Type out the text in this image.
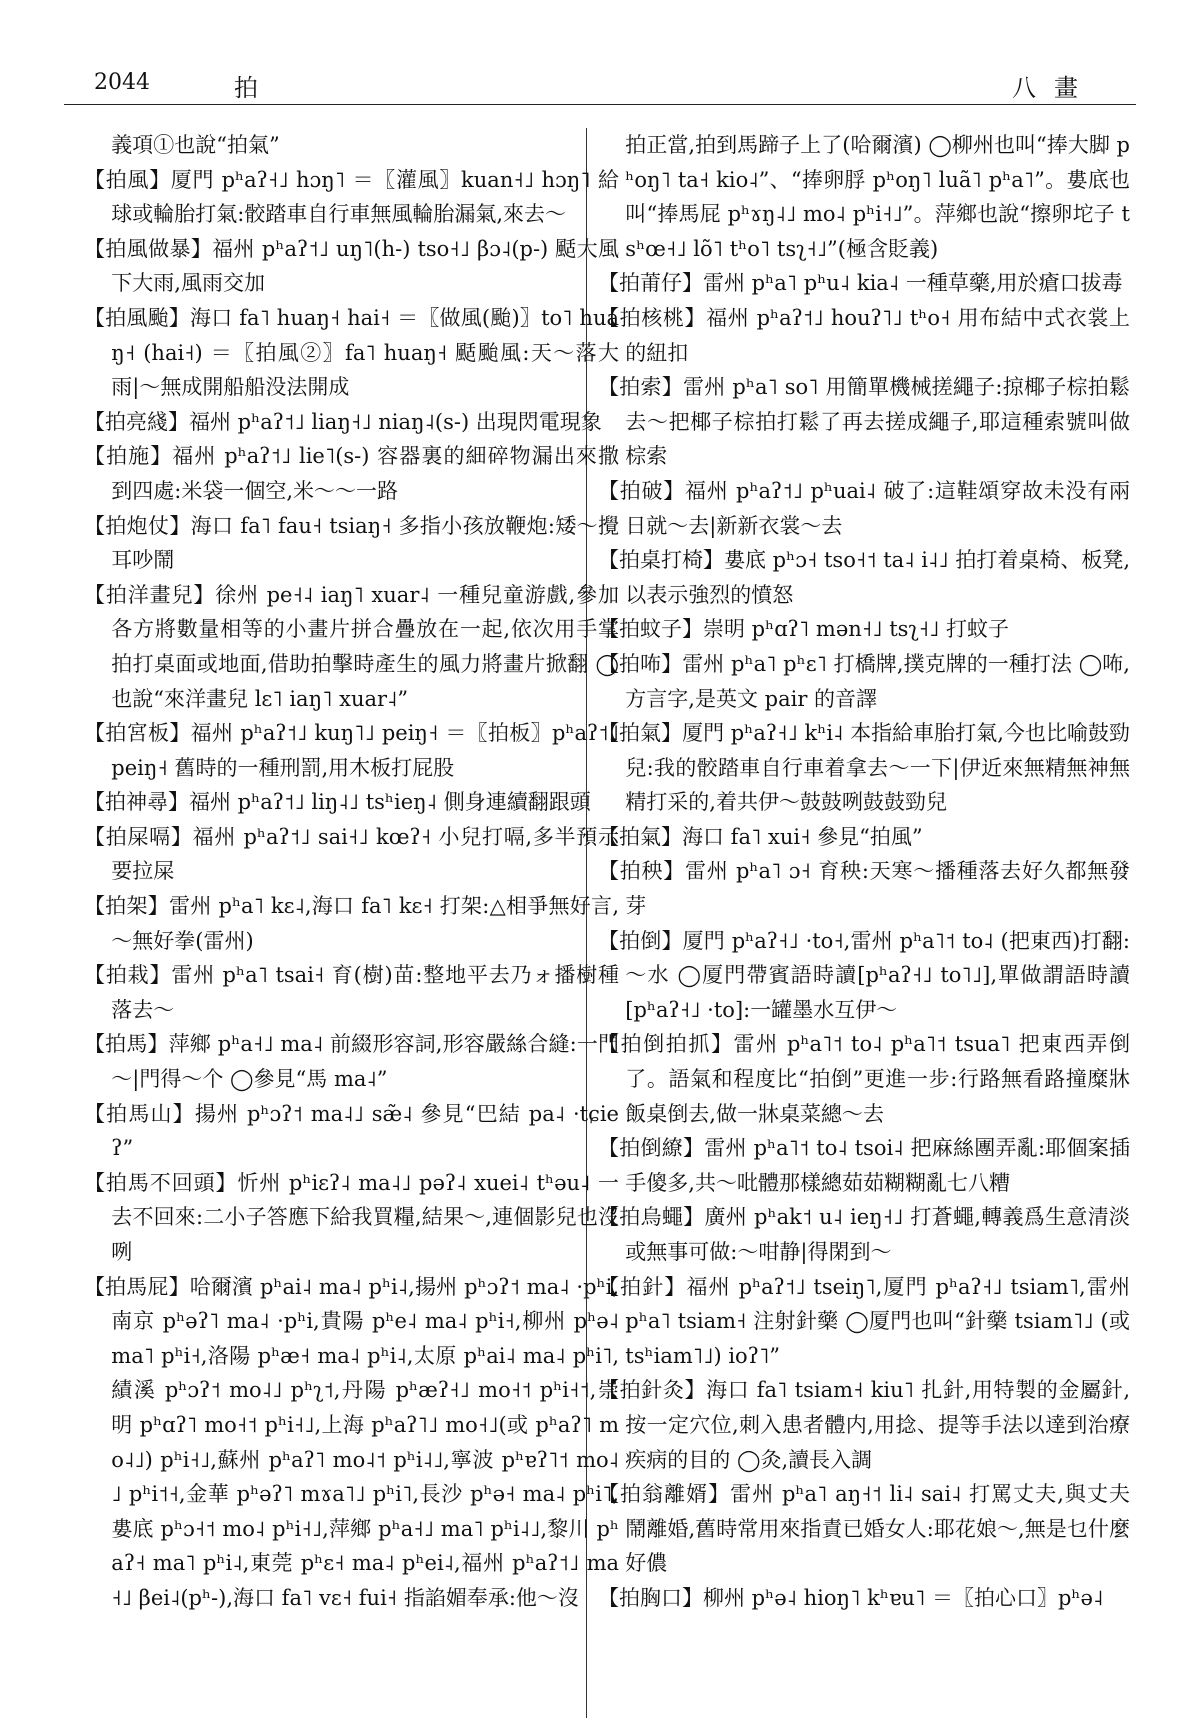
2044	拍	八畫

義項①也說“拍氣”

【拍風】厦門 pʰaʔ˧˩ hɔŋ˥ ＝〖灌風〗kuan˧˩ hɔŋ˥ 給球或輪胎打氣:骹踏車自行車無風輪胎漏氣,來去～

【拍風做暴】福州 pʰaʔ˦˩ uŋ˥(h-) tso˧˩ βɔ˨(p-) 颳大風下大雨,風雨交加

【拍風颱】海口 fa˥ huaŋ˧ hai˧ ＝〖做風(颱)〗to˥ huaŋ˧ (hai˧) ＝〖拍風②〗fa˥ huaŋ˧ 颳颱風:天～落大雨|～無成開船船没法開成

【拍亮綫】福州 pʰaʔ˦˩ liaŋ˧˩ niaŋ˨(s-) 出現閃電現象

【拍施】福州 pʰaʔ˦˩ lie˥(s-) 容器裏的細碎物漏出來撒到四處:米袋一個空,米～～一路

【拍炮仗】海口 fa˥ fau˧ tsiaŋ˧ 多指小孩放鞭炮:矮～攪耳吵鬧

【拍洋畫兒】徐州 pe˧˨ iaŋ˥ xuar˨ 一種兒童游戲,參加各方將數量相等的小畫片拼合疊放在一起,依次用手掌拍打桌面或地面,借助拍擊時產生的風力將畫片掀翻 ◯也說“來洋畫兒 lɛ˥ iaŋ˥ xuar˨”

【拍宮板】福州 pʰaʔ˦˩ kuŋ˥˩ peiŋ˧ ＝〖拍板〗pʰaʔ˦˩ peiŋ˧ 舊時的一種刑罰,用木板打屁股

【拍神尋】福州 pʰaʔ˦˩ liŋ˨˩ tsʰieŋ˨ 側身連續翻跟頭

【拍屎嗝】福州 pʰaʔ˦˩ sai˧˩ kœʔ˧ 小兒打嗝,多半預示要拉屎

【拍架】雷州 pʰa˥ kɛ˨,海口 fa˥ kɛ˧ 打架:△相爭無好言,～無好拳(雷州)

【拍栽】雷州 pʰa˥ tsai˧ 育(樹)苗:整地平去乃ォ播樹種落去～

【拍馬】萍鄉 pʰa˧˩ ma˨ 前綴形容詞,形容嚴絲合縫:一門～|門得～个 ◯參見“馬 ma˨”

【拍馬山】揚州 pʰɔʔ˦ ma˨˩ sæ̃˨ 參見“巴結 pa˨ ·tɕieʔ”

【拍馬不回頭】忻州 pʰiɛʔ˨ ma˨˩ pəʔ˨ xuei˨ tʰəu˨ 一去不回來:二小子答應下給我買糧,結果～,連個影兒也沒咧

【拍馬屁】哈爾濱 pʰai˨ ma˨ pʰi˨,揚州 pʰɔʔ˦ ma˨ ·pʰi,南京 pʰəʔ˥ ma˨ ·pʰi,貴陽 pʰe˨ ma˨ pʰi˧,柳州 pʰə˨ ma˥ pʰi˧,洛陽 pʰæ˧ ma˨ pʰi˨,太原 pʰai˨ ma˨ pʰi˥,績溪 pʰɔʔ˦ mo˨˩ pʰʅ˦,丹陽 pʰæʔ˧˩ mo˧˦ pʰi˧˦,崇明 pʰɑʔ˥ mo˧˦ pʰi˧˩,上海 pʰaʔ˥˩ mo˧˩(或 pʰaʔ˥ mo˨˩) pʰi˧˩,蘇州 pʰaʔ˥ mo˨˦ pʰi˨˩,寧波 pʰɐʔ˥˦ mo˨˩ pʰi˦˧,金華 pʰəʔ˥ mɤa˥˩ pʰi˥,長沙 pʰə˧ ma˨ pʰi˥,婁底 pʰɔ˧˦ mo˨ pʰi˧˩,萍鄉 pʰa˧˩ ma˥ pʰi˨˩,黎川 pʰaʔ˧ ma˥ pʰi˨,東莞 pʰɛ˧ ma˨ pʰei˨,福州 pʰaʔ˦˩ ma˧˩ βei˨(pʰ-),海口 fa˥ vɛ˧ fui˧ 指諂媚奉承:他～沒

拍正當,拍到馬蹄子上了(哈爾濱) ◯柳州也叫“捧大脚 pʰoŋ˥ ta˧ kio˨”、“捧卵脬 pʰoŋ˥ luã˥ pʰa˥”。婁底也叫“捧馬屁 pʰɤŋ˨˩ mo˨ pʰi˧˩”。萍鄉也說“擦卵坨子 tsʰœ˧˩ lõ˥ tʰo˥ tsʅ˧˩”(極含貶義)

【拍莆仔】雷州 pʰa˥ pʰu˨ kia˨ 一種草藥,用於瘡口拔毒

【拍核桃】福州 pʰaʔ˦˩ houʔ˥˩ tʰo˧ 用布結中式衣裳上的紐扣

【拍索】雷州 pʰa˥ so˥ 用簡單機械搓繩子:掠椰子棕拍鬆去～把椰子棕拍打鬆了再去搓成繩子,耶這種索號叫做棕索

【拍破】福州 pʰaʔ˦˩ pʰuai˨ 破了:這鞋頌穿故未没有兩日就～去|新新衣裳～去

【拍桌打椅】婁底 pʰɔ˧ tso˧˦ ta˨ i˨˩ 拍打着桌椅、板凳,以表示強烈的憤怒

【拍蚊子】崇明 pʰɑʔ˥ mən˧˩ tsʅ˧˩ 打蚊子

【拍咘】雷州 pʰa˥ pʰɛ˥ 打橋牌,撲克牌的一種打法 ◯咘,方言字,是英文 pair 的音譯

【拍氣】厦門 pʰaʔ˧˩ kʰi˨ 本指給車胎打氣,今也比喻鼓勁兒:我的骹踏車自行車着拿去～一下|伊近來無精無神無精打采的,着共伊～鼓鼓咧鼓鼓勁兒

【拍氣】海口 fa˥ xui˧ 參見“拍風”

【拍秧】雷州 pʰa˥ ɔ˧ 育秧:天寒～播種落去好久都無發芽

【拍倒】厦門 pʰaʔ˧˩ ·to˧,雷州 pʰa˥˦ to˨ (把東西)打翻:～水 ◯厦門帶賓語時讀[pʰaʔ˧˩ to˥˩],單做謂語時讀[pʰaʔ˧˩ ·to]:一罐墨水互伊～

【拍倒拍抓】雷州 pʰa˥˦ to˨ pʰa˥˦ tsua˥ 把東西弄倒了。語氣和程度比“拍倒”更進一步:行路無看路撞糜牀飯桌倒去,做一牀桌菜總～去

【拍倒繚】雷州 pʰa˥˦ to˨ tsoi˨ 把麻絲團弄亂:耶個案插手傻多,共～吡體那樣總茹茹糊糊亂七八糟

【拍烏蠅】廣州 pʰak˦ u˨ ieŋ˧˩ 打蒼蠅,轉義爲生意清淡或無事可做:～咁静|得閑到～

【拍針】福州 pʰaʔ˦˩ tseiŋ˥,厦門 pʰaʔ˧˩ tsiam˥,雷州 pʰa˥ tsiam˧ 注射針藥 ◯厦門也叫“針藥 tsiam˥˩ (或tsʰiam˥˩) ioʔ˥”

【拍針灸】海口 fa˥ tsiam˧ kiu˥ 扎針,用特製的金屬針,按一定穴位,刺入患者體内,用捻、提等手法以達到治療疾病的目的 ◯灸,讀長入調

【拍翁離婿】雷州 pʰa˥ aŋ˧˦ li˨ sai˨ 打罵丈夫,與丈夫鬧離婚,舊時常用來指責已婚女人:耶花娘～,無是乜什麼好儂

【拍胸口】柳州 pʰə˨ hioŋ˥ kʰɐu˥ ＝〖拍心口〗pʰə˨
